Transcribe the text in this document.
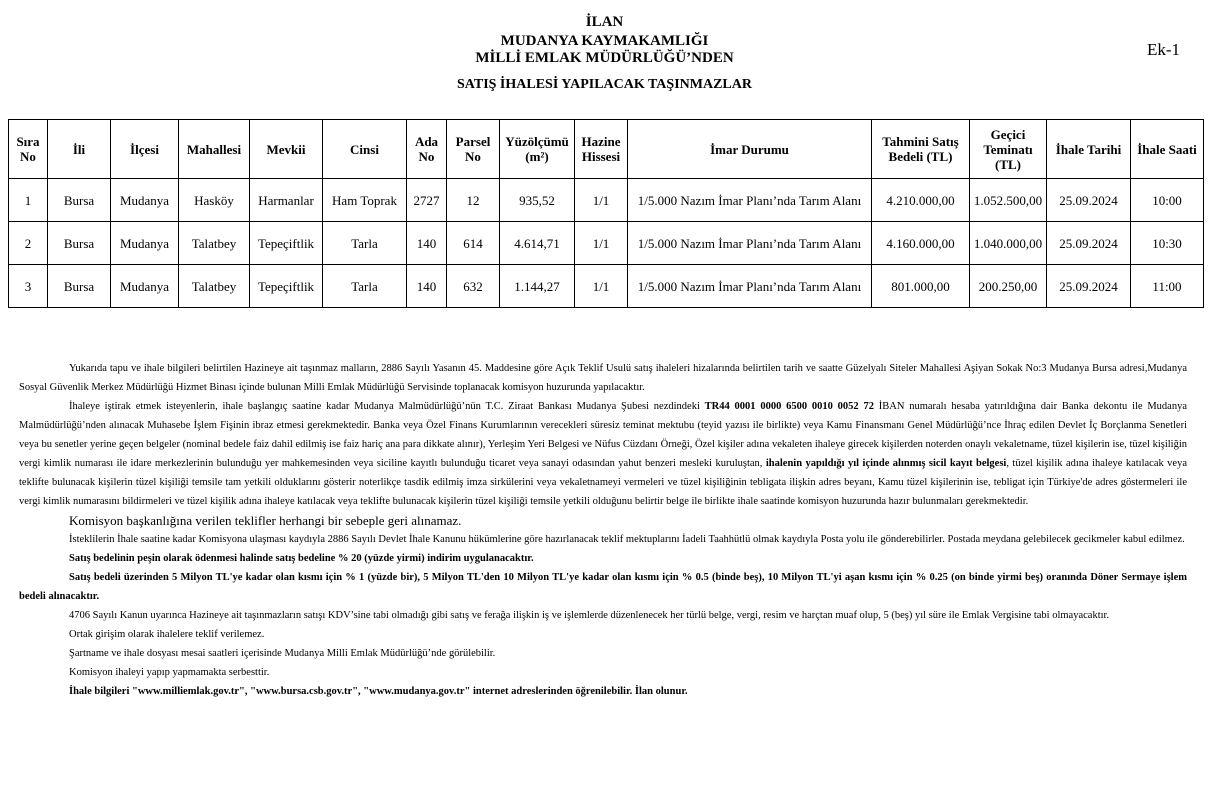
İLAN
MUDANYA KAYMAKAMLIĞI
MİLLİ EMLAK MÜDÜRLÜĞÜ’NDEN
SATIŞ İHALESİ YAPILACAK TAŞINMAZLAR
Ek-1
Sıra No	İli	İlçesi	Mahallesi	Mevkii	Cinsi	Ada No	Parsel No	Yüzölçümü (m²)	Hazine Hissesi	İmar Durumu	Tahmini Satış Bedeli (TL)	Geçici Teminatı (TL)	İhale Tarihi	İhale Saati
1	Bursa	Mudanya	Hasköy	Harmanlar	Ham Toprak	2727	12	935,52	1/1	1/5.000 Nazım İmar Planı’nda Tarım Alanı	4.210.000,00	1.052.500,00	25.09.2024	10:00
2	Bursa	Mudanya	Talatbey	Tepeçiftlik	Tarla	140	614	4.614,71	1/1	1/5.000 Nazım İmar Planı’nda Tarım Alanı	4.160.000,00	1.040.000,00	25.09.2024	10:30
3	Bursa	Mudanya	Talatbey	Tepeçiftlik	Tarla	140	632	1.144,27	1/1	1/5.000 Nazım İmar Planı’nda Tarım Alanı	801.000,00	200.250,00	25.09.2024	11:00

Yukarıda tapu ve ihale bilgileri belirtilen Hazineye ait taşınmaz malların, 2886 Sayılı Yasanın 45. Maddesine göre Açık Teklif Usulü satış ihaleleri hizalarında belirtilen tarih ve saatte Güzelyalı Siteler Mahallesi Aşiyan Sokak No:3 Mudanya Bursa adresi,Mudanya Sosyal Güvenlik Merkez Müdürlüğü Hizmet Binası içinde bulunan Milli Emlak Müdürlüğü Servisinde toplanacak komisyon huzurunda yapılacaktır.

İhaleye iştirak etmek isteyenlerin, ihale başlangıç saatine kadar Mudanya Malmüdürlüğü’nün T.C. Ziraat Bankası Mudanya Şubesi nezdindeki TR44 0001 0000 6500 0010 0052 72 İBAN numaralı hesaba yatırıldığına dair Banka dekontu ile Mudanya Malmüdürlüğü’nden alınacak Muhasebe İşlem Fişinin ibraz etmesi gerekmektedir. Banka veya Özel Finans Kurumlarının verecekleri süresiz teminat mektubu (teyid yazısı ile birlikte) veya Kamu Finansmanı Genel Müdürlüğü’nce İhraç edilen Devlet İç Borçlanma Senetleri veya bu senetler yerine geçen belgeler (nominal bedele faiz dahil edilmiş ise faiz hariç ana para dikkate alınır), Yerleşim Yeri Belgesi ve Nüfus Cüzdanı Örneği, Özel kişiler adına vekaleten ihaleye girecek kişilerden noterden onaylı vekaletname, tüzel kişilerin ise, tüzel kişiliğin vergi kimlik numarası ile idare merkezlerinin bulunduğu yer mahkemesinden veya siciline kayıtlı bulunduğu ticaret veya sanayi odasından yahut benzeri mesleki kuruluştan, ihalenin yapıldığı yıl içinde alınmış sicil kayıt belgesi, tüzel kişilik adına ihaleye katılacak veya teklifte bulunacak kişilerin tüzel kişiliği temsile tam yetkili olduklarını gösterir noterlikçe tasdik edilmiş imza sirkülerini veya vekaletnameyi vermeleri ve tüzel kişiliğinin tebligata ilişkin adres beyanı, Kamu tüzel kişilerinin ise, tebligat için Türkiye'de adres göstermeleri ile vergi kimlik numarasını bildirmeleri ve tüzel kişilik adına ihaleye katılacak veya teklifte bulunacak kişilerin tüzel kişiliği temsile yetkili olduğunu belirtir belge ile birlikte ihale saatinde komisyon huzurunda hazır bulunmaları gerekmektedir.

Komisyon başkanlığına verilen teklifler herhangi bir sebeple geri alınamaz.

İsteklilerin İhale saatine kadar Komisyona ulaşması kaydıyla 2886 Sayılı Devlet İhale Kanunu hükümlerine göre hazırlanacak teklif mektuplarını İadeli Taahhütlü olmak kaydıyla Posta yolu ile gönderebilirler. Postada meydana gelebilecek gecikmeler kabul edilmez.

Satış bedelinin peşin olarak ödenmesi halinde satış bedeline % 20 (yüzde yirmi) indirim uygulanacaktır.

Satış bedeli üzerinden 5 Milyon TL'ye kadar olan kısmı için % 1 (yüzde bir), 5 Milyon TL'den 10 Milyon TL'ye kadar olan kısmı için % 0.5 (binde beş), 10 Milyon TL'yi aşan kısmı için % 0.25 (on binde yirmi beş) oranında Döner Sermaye işlem bedeli alınacaktır.

4706 Sayılı Kanun uyarınca Hazineye ait taşınmazların satışı KDV’sine tabi olmadığı gibi satış ve ferağa ilişkin iş ve işlemlerde düzenlenecek her türlü belge, vergi, resim ve harçtan muaf olup, 5 (beş) yıl süre ile Emlak Vergisine tabi olmayacaktır.

Ortak girişim olarak ihalelere teklif verilemez.

Şartname ve ihale dosyası mesai saatleri içerisinde Mudanya Milli Emlak Müdürlüğü’nde görülebilir.

Komisyon ihaleyi yapıp yapmamakta serbesttir.

İhale bilgileri "www.milliemlak.gov.tr", "www.bursa.csb.gov.tr", "www.mudanya.gov.tr" internet adreslerinden öğrenilebilir. İlan olunur.
